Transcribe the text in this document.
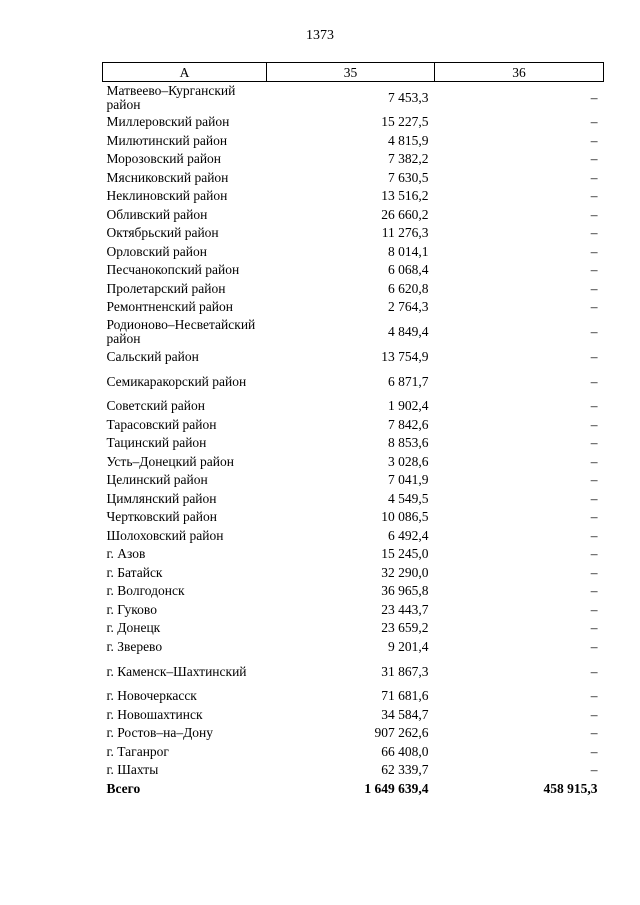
1373
А	35	36
Матвеево–Курганский район	7 453,3	–
Миллеровский район	15 227,5	–
Милютинский район	4 815,9	–
Морозовский район	7 382,2	–
Мясниковский район	7 630,5	–
Неклиновский район	13 516,2	–
Обливский район	26 660,2	–
Октябрьский район	11 276,3	–
Орловский район	8 014,1	–
Песчанокопский район	6 068,4	–
Пролетарский район	6 620,8	–
Ремонтненский район	2 764,3	–
Родионово–Несветайский район	4 849,4	–
Сальский район	13 754,9	–
Семикаракорский район	6 871,7	–
Советский район	1 902,4	–
Тарасовский район	7 842,6	–
Тацинский район	8 853,6	–
Усть–Донецкий район	3 028,6	–
Целинский район	7 041,9	–
Цимлянский район	4 549,5	–
Чертковский район	10 086,5	–
Шолоховский район	6 492,4	–
г. Азов	15 245,0	–
г. Батайск	32 290,0	–
г. Волгодонск	36 965,8	–
г. Гуково	23 443,7	–
г. Донецк	23 659,2	–
г. Зверево	9 201,4	–
г. Каменск–Шахтинский	31 867,3	–
г. Новочеркасск	71 681,6	–
г. Новошахтинск	34 584,7	–
г. Ростов–на–Дону	907 262,6	–
г. Таганрог	66 408,0	–
г. Шахты	62 339,7	–
Всего	1 649 639,4	458 915,3
